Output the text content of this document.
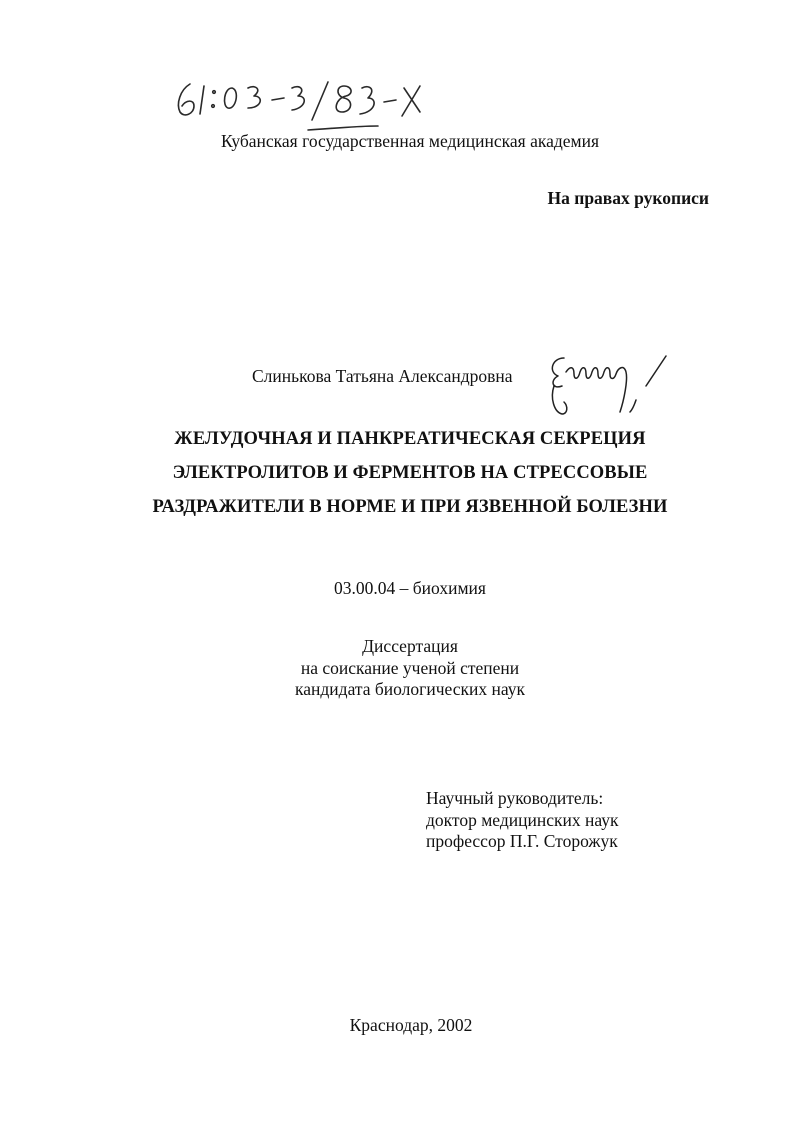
Кубанская государственная медицинская академия
На правах рукописи
Слинькова Татьяна Александровна
ЖЕЛУДОЧНАЯ И ПАНКРЕАТИЧЕСКАЯ СЕКРЕЦИЯ
ЭЛЕКТРОЛИТОВ И ФЕРМЕНТОВ НА СТРЕССОВЫЕ
РАЗДРАЖИТЕЛИ В НОРМЕ И ПРИ ЯЗВЕННОЙ БОЛЕЗНИ
03.00.04 – биохимия
Диссертация
на соискание ученой степени
кандидата биологических наук
Научный руководитель:
доктор медицинских наук
профессор П.Г. Сторожук
Краснодар, 2002
